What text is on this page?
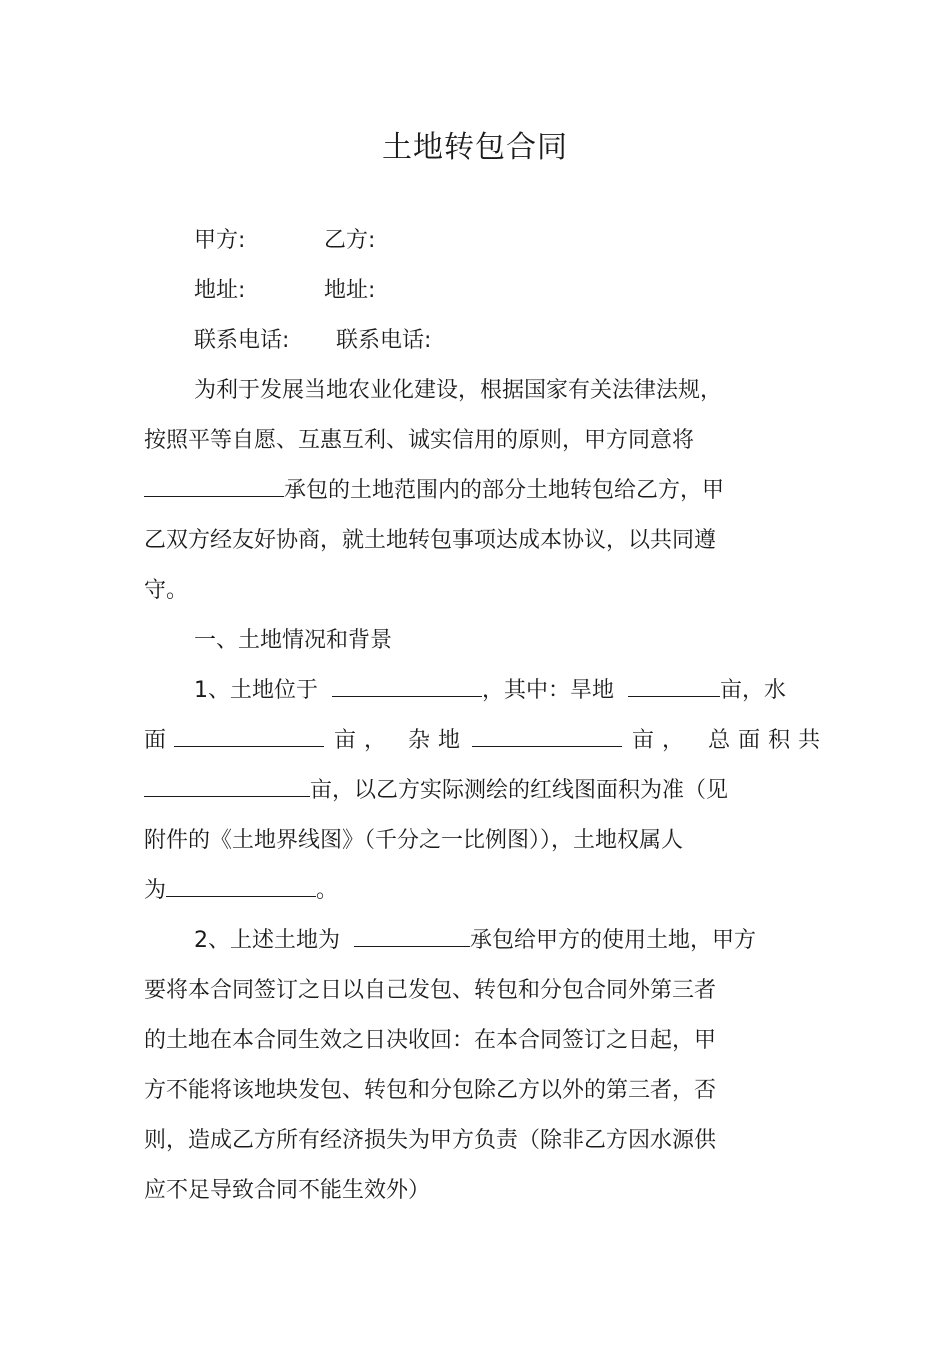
土地转包合同
甲方:	乙方:
地址:	地址:
联系电话: 联系电话:
为利于发展当地农业化建设，根据国家有关法律法规，
按照平等自愿、互惠互利、诚实信用的原则，甲方同意将
承包的土地范围内的部分土地转包给乙方，甲
乙双方经友好协商，就土地转包事项达成本协议，以共同遵
守。
一、土地情况和背景
1、土地位于	，其中：旱地	亩，水
面	亩， 杂地	亩， 总面积共
亩，以乙方实际测绘的红线图面积为准（见
附件的《土地界线图》（千分之一比例图）），土地权属人
为	。
2、上述土地为	承包给甲方的使用土地，甲方
要将本合同签订之日以自己发包、转包和分包合同外第三者
的土地在本合同生效之日决收回：在本合同签订之日起，甲
方不能将该地块发包、转包和分包除乙方以外的第三者，否
则，造成乙方所有经济损失为甲方负责（除非乙方因水源供
应不足导致合同不能生效外）
